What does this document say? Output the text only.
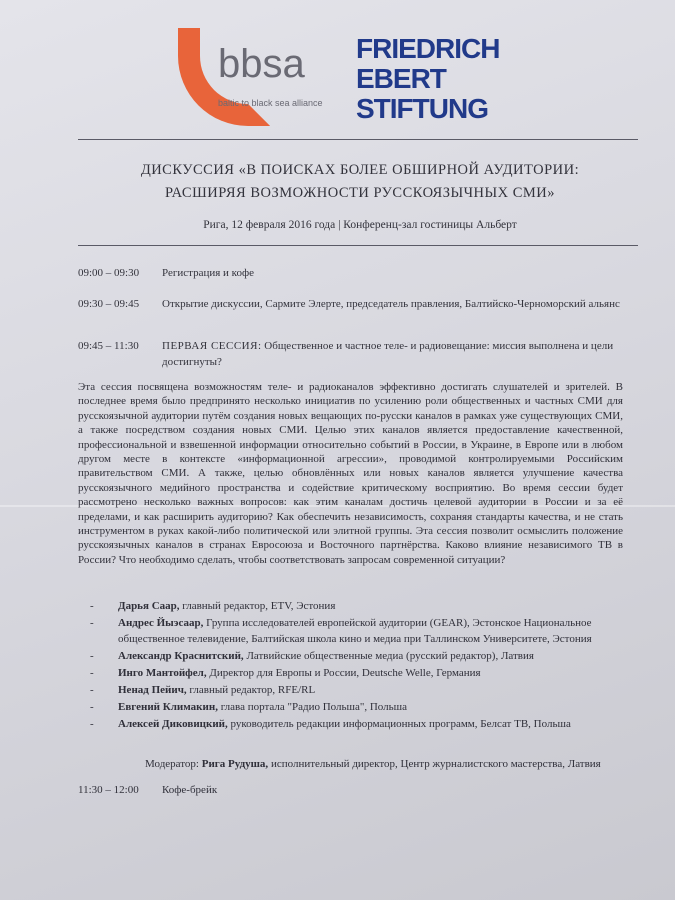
bbsa
baltic to black sea alliance
FRIEDRICH
EBERT
STIFTUNG
ДИСКУССИЯ «В ПОИСКАХ БОЛЕЕ ОБШИРНОЙ АУДИТОРИИ:
РАСШИРЯЯ ВОЗМОЖНОСТИ РУССКОЯЗЫЧНЫХ СМИ»
Рига, 12 февраля 2016 года | Конференц-зал гостиницы Альберт
09:00 – 09:30 Регистрация и кофе
09:30 – 09:45 Открытие дискуссии, Сармите Элерте, председатель правления, Балтийско-Черноморский альянс
09:45 – 11:30 ПЕРВАЯ СЕССИЯ: Общественное и частное теле- и радиовещание: миссия выполнена и цели достигнуты?
Эта сессия посвящена возможностям теле- и радиоканалов эффективно достигать слушателей и зрителей. В последнее время было предпринято несколько инициатив по усилению роли общественных и частных СМИ для русскоязычной аудитории путём создания новых вещающих по-русски каналов в рамках уже существующих СМИ, а также посредством создания новых СМИ. Целью этих каналов является предоставление качественной, профессиональной и взвешенной информации относительно событий в России, в Украине, в Европе или в любом другом месте в контексте «информационной агрессии», проводимой контролируемыми Российским правительством СМИ. А также, целью обновлённых или новых каналов является улучшение качества русскоязычного медийного пространства и содействие критическому восприятию. Во время сессии будет рассмотрено несколько важных вопросов: как этим каналам достичь целевой аудитории в России и за её пределами, и как расширить аудиторию? Как обеспечить независимость, сохраняя стандарты качества, и не стать инструментом в руках какой-либо политической или элитной группы. Эта сессия позволит осмыслить положение русскоязычных каналов в странах Евросоюза и Восточного партнёрства. Каково влияние независимого ТВ в России? Что необходимо сделать, чтобы соответствовать запросам современной ситуации?
- Дарья Саар, главный редактор, ETV, Эстония
- Андрес Йыэсаар, Группа исследователей европейской аудитории (GEAR), Эстонское Национальное общественное телевидение, Балтийская школа кино и медиа при Таллинском Университете, Эстония
- Александр Краснитский, Латвийские общественные медиа (русский редактор), Латвия
- Инго Мантойфел, Директор для Европы и России, Deutsche Welle, Германия
- Ненад Пейич, главный редактор, RFE/RL
- Евгений Климакин, глава портала "Радио Польша", Польша
- Алексей Диковицкий, руководитель редакции информационных программ, Белсат ТВ, Польша
Модератор: Рига Рудуша, исполнительный директор, Центр журналистского мастерства, Латвия
11:30 – 12:00 Кофе-брейк
